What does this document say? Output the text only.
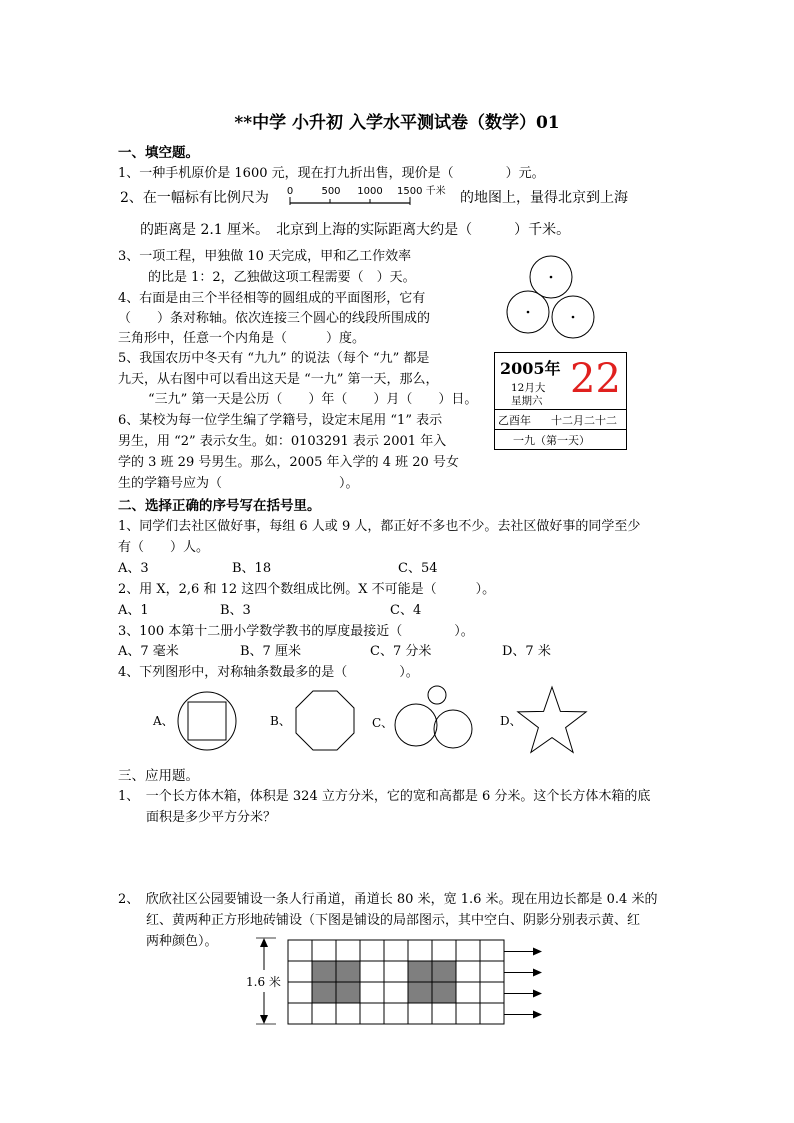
**中学 小升初 入学水平测试卷（数学）01
一、填空题。
1、一种手机原价是 1600 元，现在打九折出售，现价是（　　　　）元。
2、在一幅标有比例尺为 0	500 1000 1500 千米 的地图上，量得北京到上海
的距离是 2.1 厘米。　北京到上海的实际距离大约是（　　　）千米。
3、一项工程，甲独做 10 天完成，甲和乙工作效率
的比是 1：2，乙独做这项工程需要（　）天。
4、右面是由三个半径相等的圆组成的平面图形，它有
（　　）条对称轴。依次连接三个圆心的线段所围成的
三角形中，任意一个内角是（　　　）度。
5、我国农历中冬天有 “九九” 的说法（每个 “九” 都是
九天，从右图中可以看出这天是 “一九” 第一天，那么，
“三九” 第一天是公历（　　）年（　　）月（　　）日。
6、某校为每一位学生编了学籍号，设定末尾用 “1” 表示
男生，用 “2” 表示女生。如：0103291 表示 2001 年入
学的 3 班 29 号男生。那么，2005 年入学的 4 班 20 号女
生的学籍号应为（　　　　　　　　　）。
2005年
12月大
星期六 22
乙酉年 十二月二十二
一九（第一天）
二、选择正确的序号写在括号里。
1、同学们去社区做好事，每组 6 人或 9 人，都正好不多也不少。去社区做好事的同学至少
有（　　）人。
A、3	B、18	C、54
2、用 X，2,6 和 12 这四个数组成比例。X 不可能是（　　　）。
A、1	B、3	C、4
3、100 本第十二册小学数学教书的厚度最接近（　　　　）。
A、7 毫米	B、7 厘米	C、7 分米	D、7 米
4、下列图形中，对称轴条数最多的是（　　　　）。
A、	B、	C、	D、
三、应用题。
1、　一个长方体木箱，体积是 324 立方分米，它的宽和高都是 6 分米。这个长方体木箱的底
面积是多少平方分米？
2、　欣欣社区公园要铺设一条人行甬道，甬道长 80 米，宽 1.6 米。现在用边长都是 0.4 米的
红、黄两种正方形地砖铺设（下图是铺设的局部图示，其中空白、阴影分别表示黄、红
两种颜色）。
1.6 米
